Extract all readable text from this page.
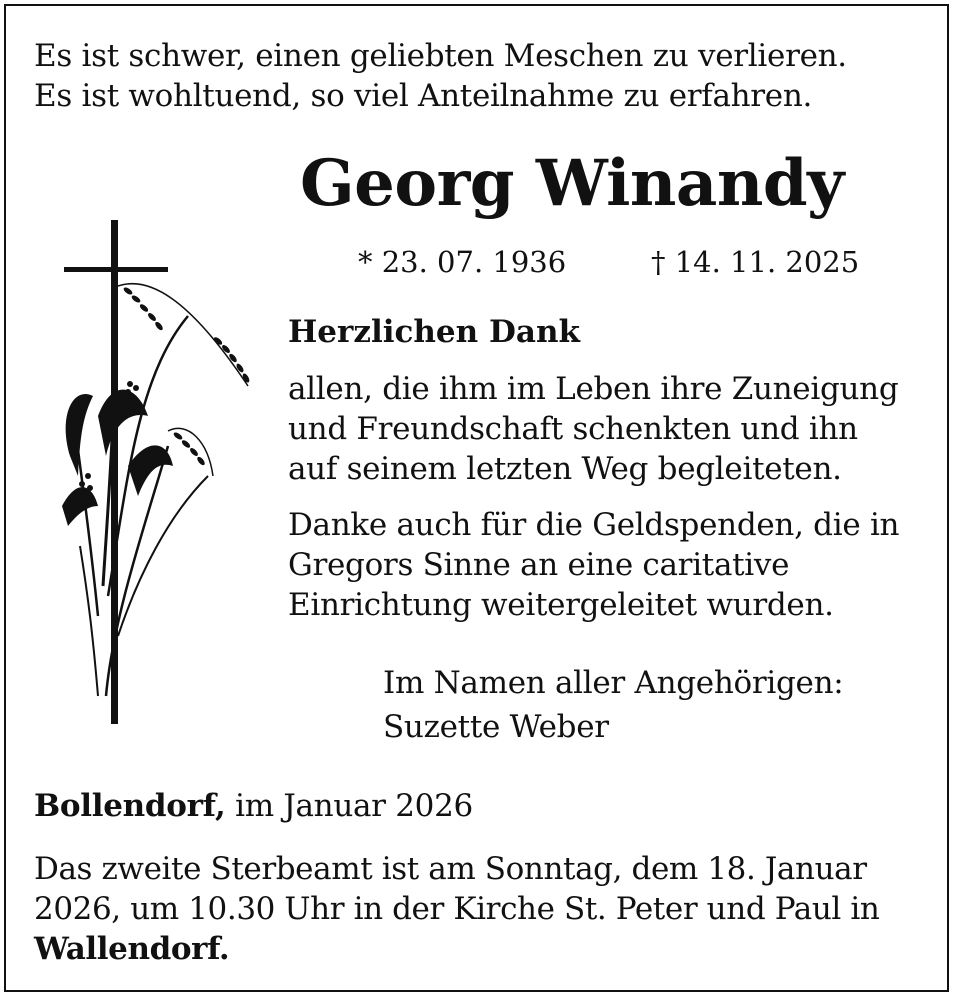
Es ist schwer, einen geliebten Meschen zu verlieren.
Es ist wohltuend, so viel Anteilnahme zu erfahren.
Georg Winandy
* 23. 07. 1936	† 14. 11. 2025
Herzlichen Dank
allen, die ihm im Leben ihre Zuneigung
und Freundschaft schenkten und ihn
auf seinem letzten Weg begleiteten.
Danke auch für die Geldspenden, die in
Gregors Sinne an eine caritative
Einrichtung weitergeleitet wurden.
Im Namen aller Angehörigen:
Suzette Weber
Bollendorf, im Januar 2026
Das zweite Sterbeamt ist am Sonntag, dem 18. Januar
2026, um 10.30 Uhr in der Kirche St. Peter und Paul in
Wallendorf.
